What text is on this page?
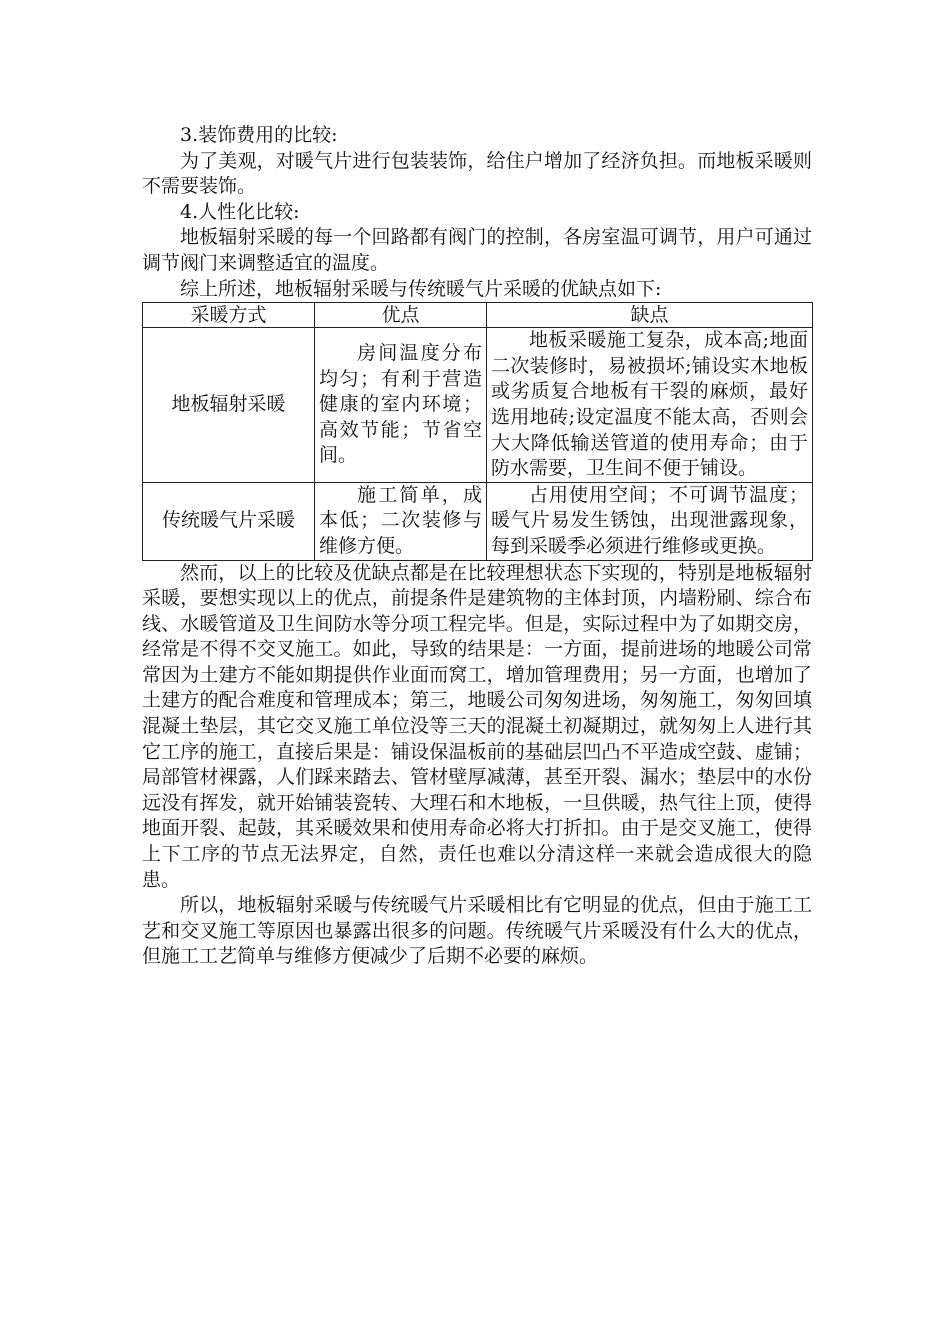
3.装饰费用的比较:

为了美观，对暖气片进行包装装饰，给住户增加了经济负担。而地板采暖则不需要装饰。

4.人性化比较:

地板辐射采暖的每一个回路都有阀门的控制，各房室温可调节，用户可通过调节阀门来调整适宜的温度。

综上所述，地板辐射采暖与传统暖气片采暖的优缺点如下:

采暖方式	优点	缺点
地板辐射采暖	房间温度分布均匀；有利于营造健康的室内环境；高效节能；节省空间。	地板采暖施工复杂，成本高;地面二次装修时，易被损坏;铺设实木地板或劣质复合地板有干裂的麻烦，最好选用地砖;设定温度不能太高，否则会大大降低输送管道的使用寿命；由于防水需要，卫生间不便于铺设。
传统暖气片采暖	施工简单，成本低；二次装修与维修方便。	占用使用空间；不可调节温度；暖气片易发生锈蚀，出现泄露现象，每到采暖季必须进行维修或更换。

然而，以上的比较及优缺点都是在比较理想状态下实现的，特别是地板辐射采暖，要想实现以上的优点，前提条件是建筑物的主体封顶，内墙粉刷、综合布线、水暖管道及卫生间防水等分项工程完毕。但是，实际过程中为了如期交房，经常是不得不交叉施工。如此，导致的结果是：一方面，提前进场的地暖公司常常因为土建方不能如期提供作业面而窝工，增加管理费用；另一方面，也增加了土建方的配合难度和管理成本；第三，地暖公司匆匆进场，匆匆施工，匆匆回填混凝土垫层，其它交叉施工单位没等三天的混凝土初凝期过，就匆匆上人进行其它工序的施工，直接后果是：铺设保温板前的基础层凹凸不平造成空鼓、虚铺；局部管材裸露，人们踩来踏去、管材壁厚减薄，甚至开裂、漏水；垫层中的水份远没有挥发，就开始铺装瓷转、大理石和木地板，一旦供暖，热气往上顶，使得地面开裂、起鼓，其采暖效果和使用寿命必将大打折扣。由于是交叉施工，使得上下工序的节点无法界定，自然，责任也难以分清这样一来就会造成很大的隐患。

所以，地板辐射采暖与传统暖气片采暖相比有它明显的优点，但由于施工工艺和交叉施工等原因也暴露出很多的问题。传统暖气片采暖没有什么大的优点，但施工工艺简单与维修方便减少了后期不必要的麻烦。
